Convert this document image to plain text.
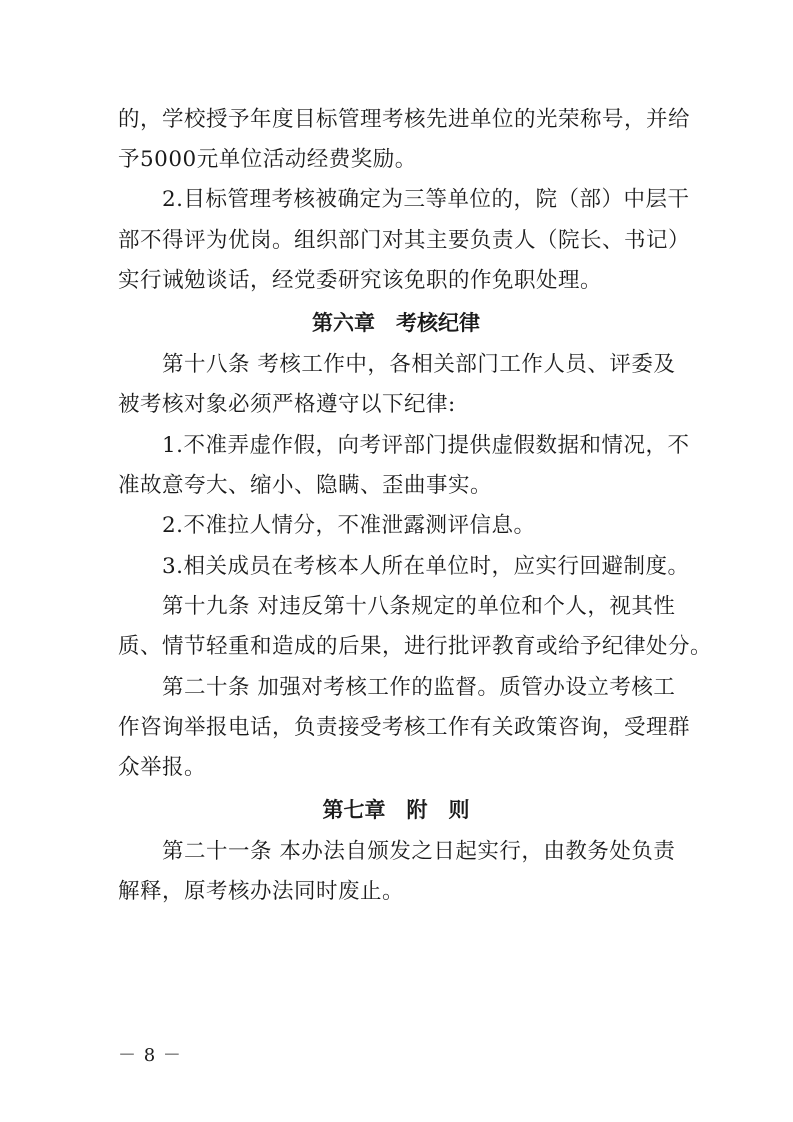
的，学校授予年度目标管理考核先进单位的光荣称号，并给

予5000元单位活动经费奖励。

2.目标管理考核被确定为三等单位的，院（部）中层干

部不得评为优岗。组织部门对其主要负责人（院长、书记）

实行诫勉谈话，经党委研究该免职的作免职处理。

第六章　考核纪律

第十八条 考核工作中，各相关部门工作人员、评委及

被考核对象必须严格遵守以下纪律:

1.不准弄虚作假，向考评部门提供虚假数据和情况，不

准故意夸大、缩小、隐瞒、歪曲事实。

2.不准拉人情分，不准泄露测评信息。

3.相关成员在考核本人所在单位时，应实行回避制度。

第十九条 对违反第十八条规定的单位和个人，视其性

质、情节轻重和造成的后果，进行批评教育或给予纪律处分。

第二十条 加强对考核工作的监督。质管办设立考核工

作咨询举报电话，负责接受考核工作有关政策咨询，受理群

众举报。

第七章　附　则

第二十一条 本办法自颁发之日起实行，由教务处负责

解释，原考核办法同时废止。

－ 8 －
